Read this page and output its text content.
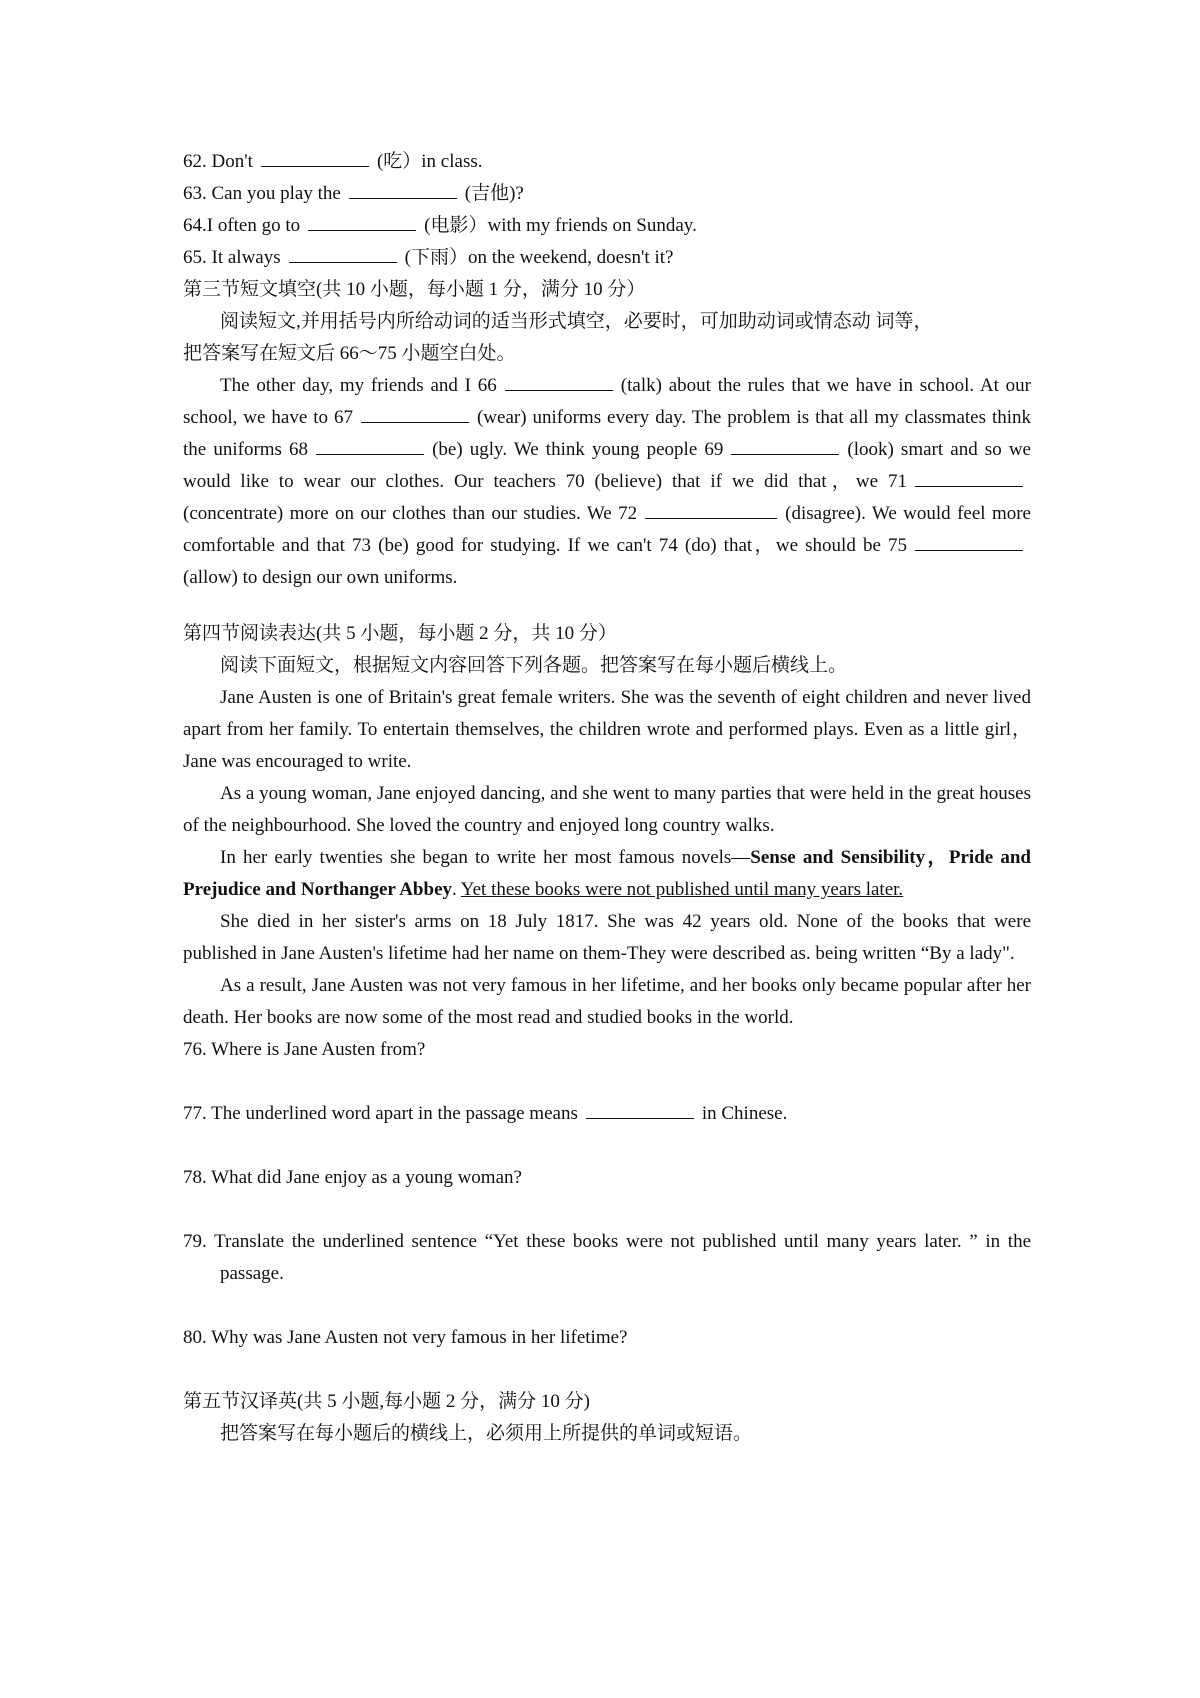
62. Don't	(吃）in class.
63. Can you play the	(吉他)?
64.I often go to	(电影）with my friends on Sunday.
65. It always	(下雨）on the weekend, doesn't it?
第三节短文填空(共 10 小题，每小题 1 分，满分 10 分）
阅读短文,并用括号内所给动词的适当形式填空，必要时，可加助动词或情态动 词等，
把答案写在短文后 66～75 小题空白处。
The other day, my friends and I 66	(talk) about the rules that we have in school. At our school, we have to 67	(wear) uniforms every day. The problem is that all my classmates think the uniforms 68	(be) ugly. We think young people 69	(look) smart and so we would like to wear our clothes. Our teachers 70 (believe) that if we did that，we 71(concentrate) more on our clothes than our studies. We 72	(disagree). We would feel more comfortable and that 73 (be) good for studying. If we can't 74 (do) that，we should be 75(allow) to design our own uniforms.
第四节阅读表达(共 5 小题，每小题 2 分，共 10 分）
阅读下面短文，根据短文内容回答下列各题。把答案写在每小题后横线上。
Jane Austen is one of Britain's great female writers. She was the seventh of eight children and never lived apart from her family. To entertain themselves, the children wrote and performed plays. Even as a little girl，Jane was encouraged to write.
As a young woman, Jane enjoyed dancing, and she went to many parties that were held in the great houses of the neighbourhood. She loved the country and enjoyed long country walks.
In her early twenties she began to write her most famous novels—Sense and Sensibility，Pride and Prejudice and Northanger Abbey. Yet these books were not published until many years later.
She died in her sister's arms on 18 July 1817. She was 42 years old. None of the books that were published in Jane Austen's lifetime had her name on them-They were described as. being written “By a lady".
As a result, Jane Austen was not very famous in her lifetime, and her books only became popular after her death. Her books are now some of the most read and studied books in the world.
76. Where is Jane Austen from?
77. The underlined word apart in the passage means	in Chinese.
78. What did Jane enjoy as a young woman?
79. Translate the underlined sentence “Yet these books were not published until many years later. ” in the passage.
80. Why was Jane Austen not very famous in her lifetime?
第五节汉译英(共 5 小题,每小题 2 分，满分 10 分)
把答案写在每小题后的横线上，必须用上所提供的单词或短语。
